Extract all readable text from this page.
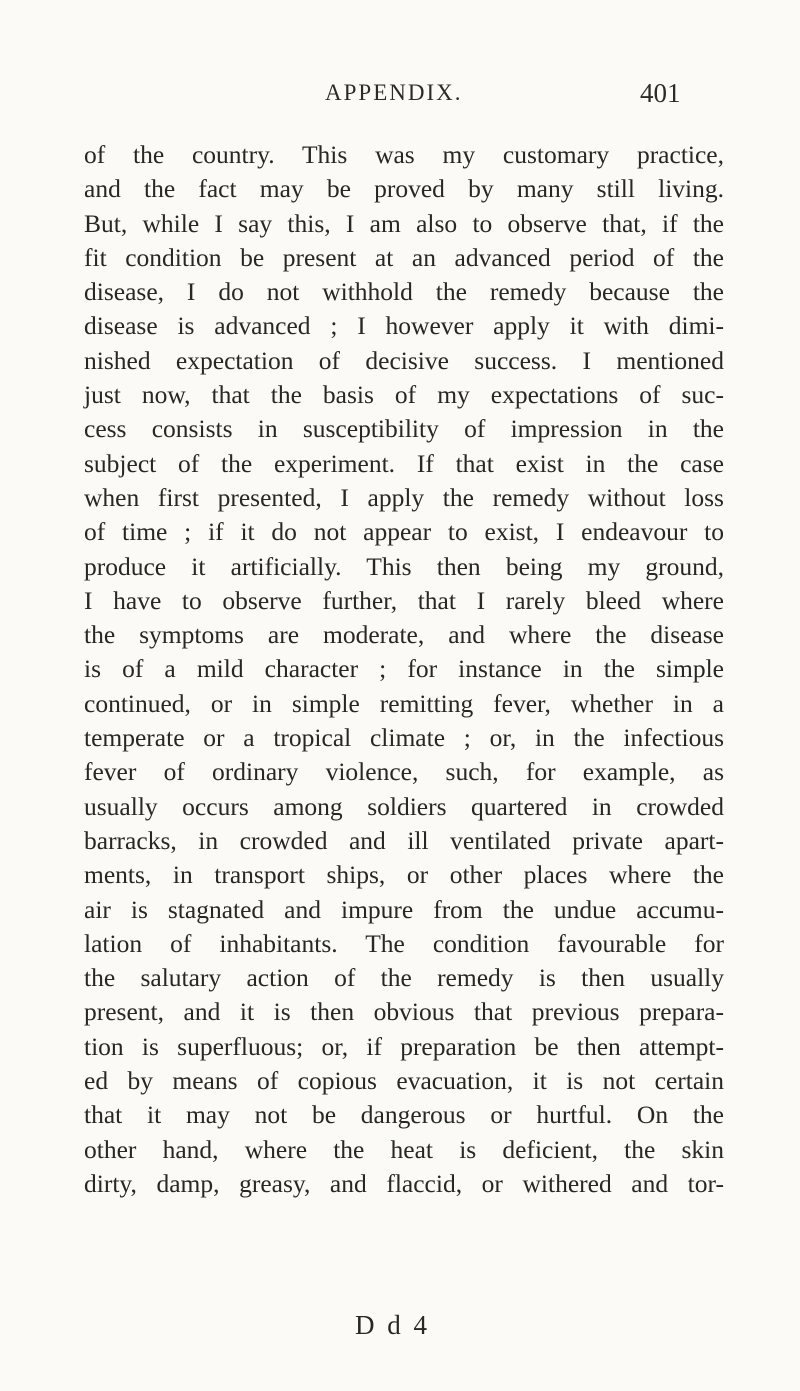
APPENDIX.	401
of the country. This was my customary practice,
and the fact may be proved by many still living.
But, while I say this, I am also to observe that, if the
fit condition be present at an advanced period of the
disease, I do not withhold the remedy because the
disease is advanced ; I however apply it with dimi-
nished expectation of decisive success. I mentioned
just now, that the basis of my expectations of suc-
cess consists in susceptibility of impression in the
subject of the experiment. If that exist in the case
when first presented, I apply the remedy without loss
of time ; if it do not appear to exist, I endeavour to
produce it artificially. This then being my ground,
I have to observe further, that I rarely bleed where
the symptoms are moderate, and where the disease
is of a mild character ; for instance in the simple
continued, or in simple remitting fever, whether in a
temperate or a tropical climate ; or, in the infectious
fever of ordinary violence, such, for example, as
usually occurs among soldiers quartered in crowded
barracks, in crowded and ill ventilated private apart-
ments, in transport ships, or other places where the
air is stagnated and impure from the undue accumu-
lation of inhabitants. The condition favourable for
the salutary action of the remedy is then usually
present, and it is then obvious that previous prepara-
tion is superfluous; or, if preparation be then attempt-
ed by means of copious evacuation, it is not certain
that it may not be dangerous or hurtful. On the
other hand, where the heat is deficient, the skin
dirty, damp, greasy, and flaccid, or withered and tor-
D d 4
